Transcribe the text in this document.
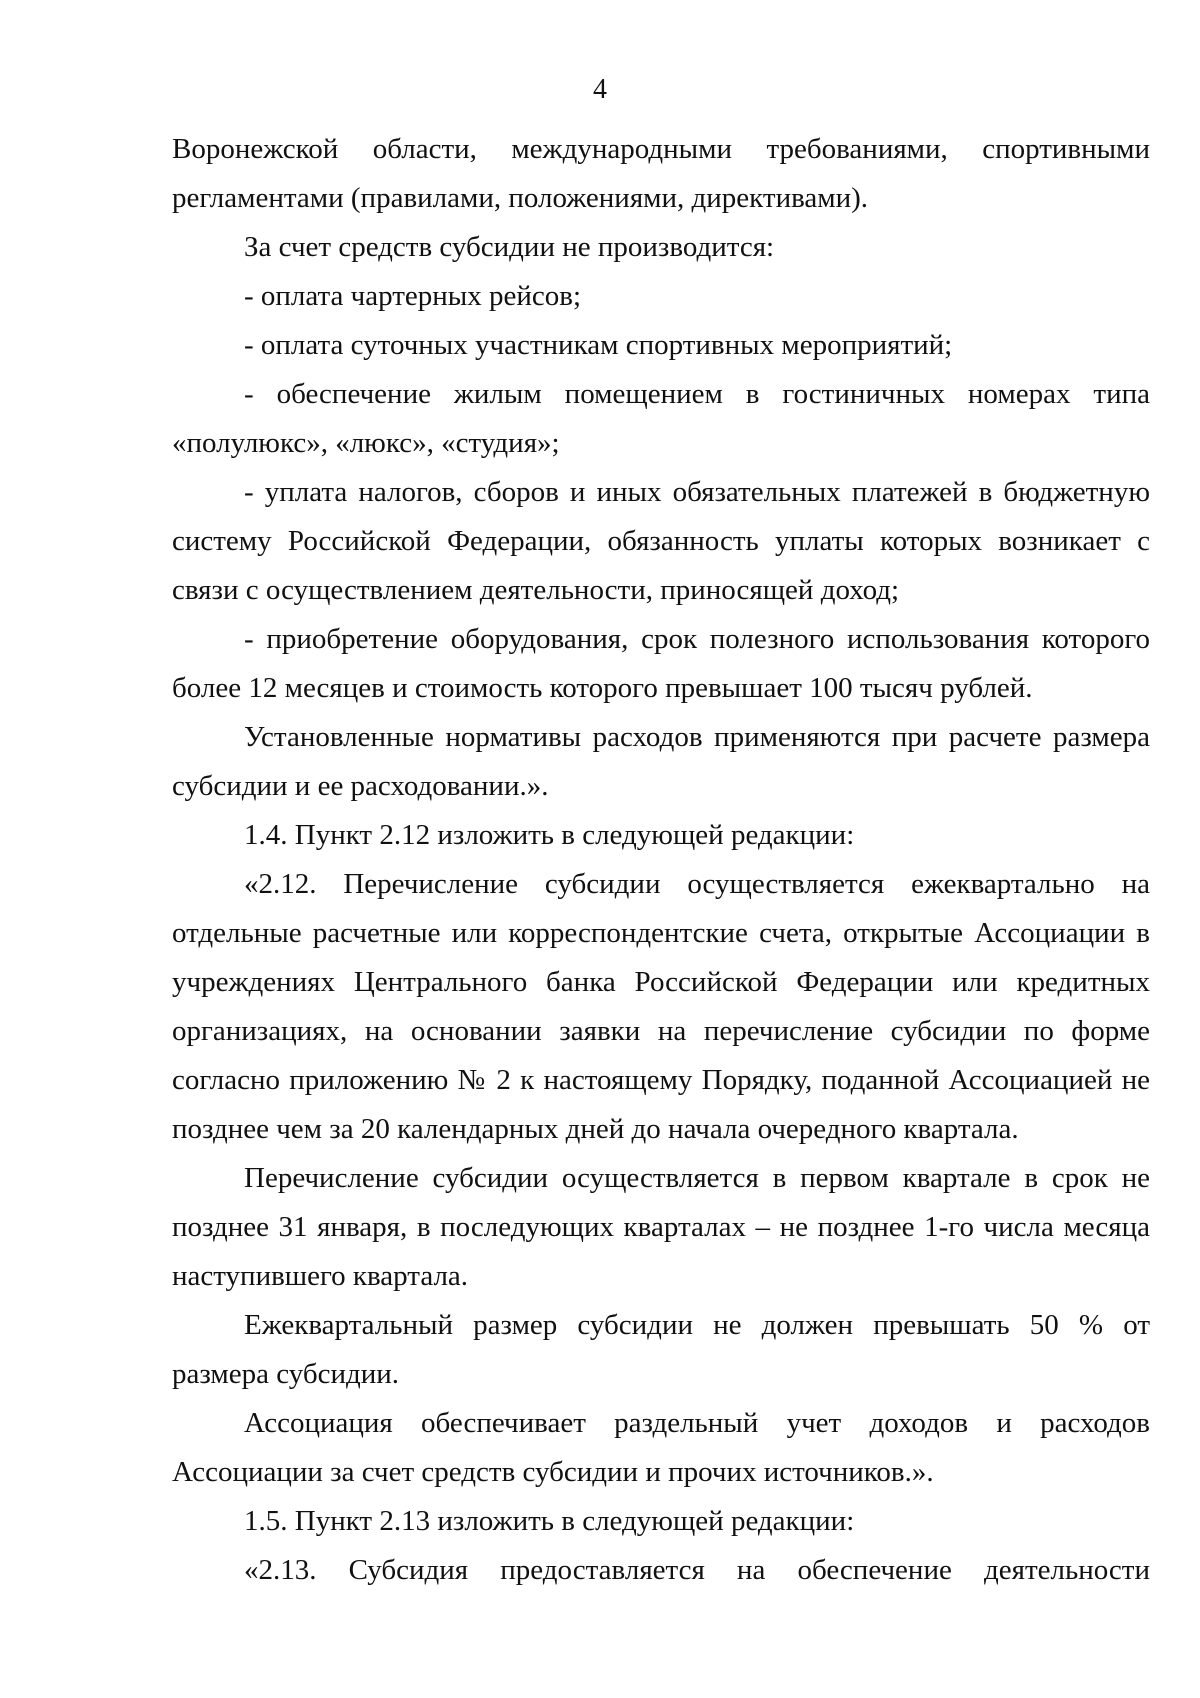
4

Воронежской области, международными требованиями, спортивными регламентами (правилами, положениями, директивами).

За счет средств субсидии не производится:

- оплата чартерных рейсов;

- оплата суточных участникам спортивных мероприятий;

- обеспечение жилым помещением в гостиничных номерах типа «полулюкс», «люкс», «студия»;

- уплата налогов, сборов и иных обязательных платежей в бюджетную систему Российской Федерации, обязанность уплаты которых возникает с связи с осуществлением деятельности, приносящей доход;

- приобретение оборудования, срок полезного использования которого более 12 месяцев и стоимость которого превышает 100 тысяч рублей.

Установленные нормативы расходов применяются при расчете размера субсидии и ее расходовании.».

1.4. Пункт 2.12 изложить в следующей редакции:

«2.12. Перечисление субсидии осуществляется ежеквартально на отдельные расчетные или корреспондентские счета, открытые Ассоциации в учреждениях Центрального банка Российской Федерации или кредитных организациях, на основании заявки на перечисление субсидии по форме согласно приложению № 2 к настоящему Порядку, поданной Ассоциацией не позднее чем за 20 календарных дней до начала очередного квартала.

Перечисление субсидии осуществляется в первом квартале в срок не позднее 31 января, в последующих кварталах – не позднее 1-го числа месяца наступившего квартала.

Ежеквартальный размер субсидии не должен превышать 50 % от размера субсидии.

Ассоциация обеспечивает раздельный учет доходов и расходов Ассоциации за счет средств субсидии и прочих источников.».

1.5. Пункт 2.13 изложить в следующей редакции:

«2.13. Субсидия предоставляется на обеспечение деятельности
